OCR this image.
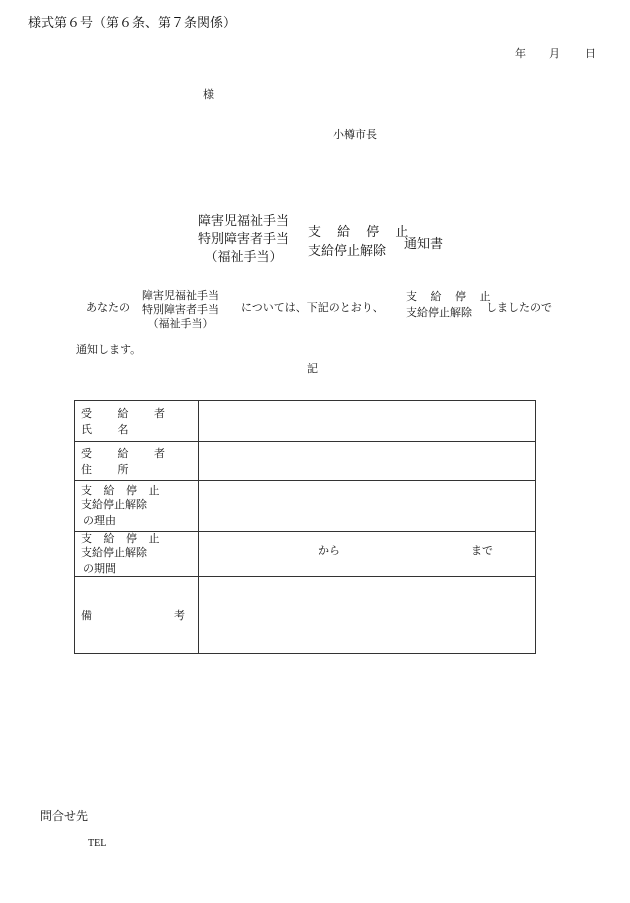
様式第６号（第６条、第７条関係）
年 月 日
様
小樽市長
障害児福祉手当
特別障害者手当
（福祉手当）
支 給 停 止
支給停止解除	通知書
あなたの
障害児福祉手当
特別障害者手当
（福祉手当）
については、下記のとおり、
支 給 停 止
支給停止解除	しましたので
通知します。
記
受 給 者 氏 名	
受 給 者 住 所	

支 給 停 止
支給停止解除
の理由	

支 給 停 止
支給停止解除
の期間	から まで

備 考	

問合せ先
TEL
